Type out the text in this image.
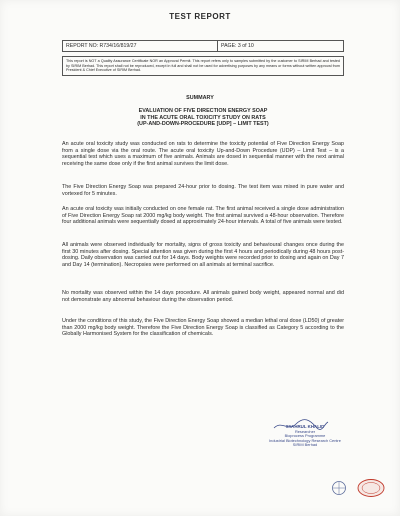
TEST REPORT
REPORT NO: R734/16/819/27	PAGE: 3 of 10
This report is NOT a Quality Assurance Certificate NOR an Approval Permit. This report refers only to samples submitted by the customer to SIRIM Berhad and tested by SIRIM Berhad. This report shall not be reproduced, except in full and shall not be used for advertising purposes by any means or forms without written approval from President & Chief Executive of SIRIM Berhad.
SUMMARY
EVALUATION OF FIVE DIRECTION ENERGY SOAP
IN THE ACUTE ORAL TOXICITY STUDY ON RATS
(UP-AND-DOWN-PROCEDURE [UDP] – LIMIT TEST)

An acute oral toxicity study was conducted on rats to determine the toxicity potential of Five Direction Energy Soap from a single dose via the oral route. The acute oral toxicity Up-and-Down Procedure (UDP) – Limit Test – is a sequential test which uses a maximum of five animals. Animals are dosed in sequential manner with the next animal receiving the same dose only if the first animal survives the limit dose.

The Five Direction Energy Soap was prepared 24-hour prior to dosing. The test item was mixed in pure water and vortexed for 5 minutes.

An acute oral toxicity was initially conducted on one female rat. The first animal received a single dose administration of Five Direction Energy Soap rat 2000 mg/kg body weight. The first animal survived a 48-hour observation. Therefore four additional animals were sequentially dosed at approximately 24-hour intervals. A total of five animals were tested.

All animals were observed individually for mortality, signs of gross toxicity and behavioural changes once during the first 30 minutes after dosing. Special attention was given during the first 4 hours and periodically during 48 hours post-dosing. Daily observation was carried out for 14 days. Body weights were recorded prior to dosing and again on Day 7 and Day 14 (termination). Necropsies were performed on all animals at terminal sacrifice.

No mortality was observed within the 14 days procedure. All animals gained body weight, appeared normal and did not demonstrate any abnormal behaviour during the observation period.

Under the conditions of this study, the Five Direction Energy Soap showed a median lethal oral dose (LD50) of greater than 2000 mg/kg body weight. Therefore the Five Direction Energy Soap is classified as Category 5 according to the Globally Harmonised System for the classification of chemicals.

SYAHRUL KHALID
Researcher
Bioprocess Programme
Industrial Biotechnology Research Centre
SIRIM Berhad
